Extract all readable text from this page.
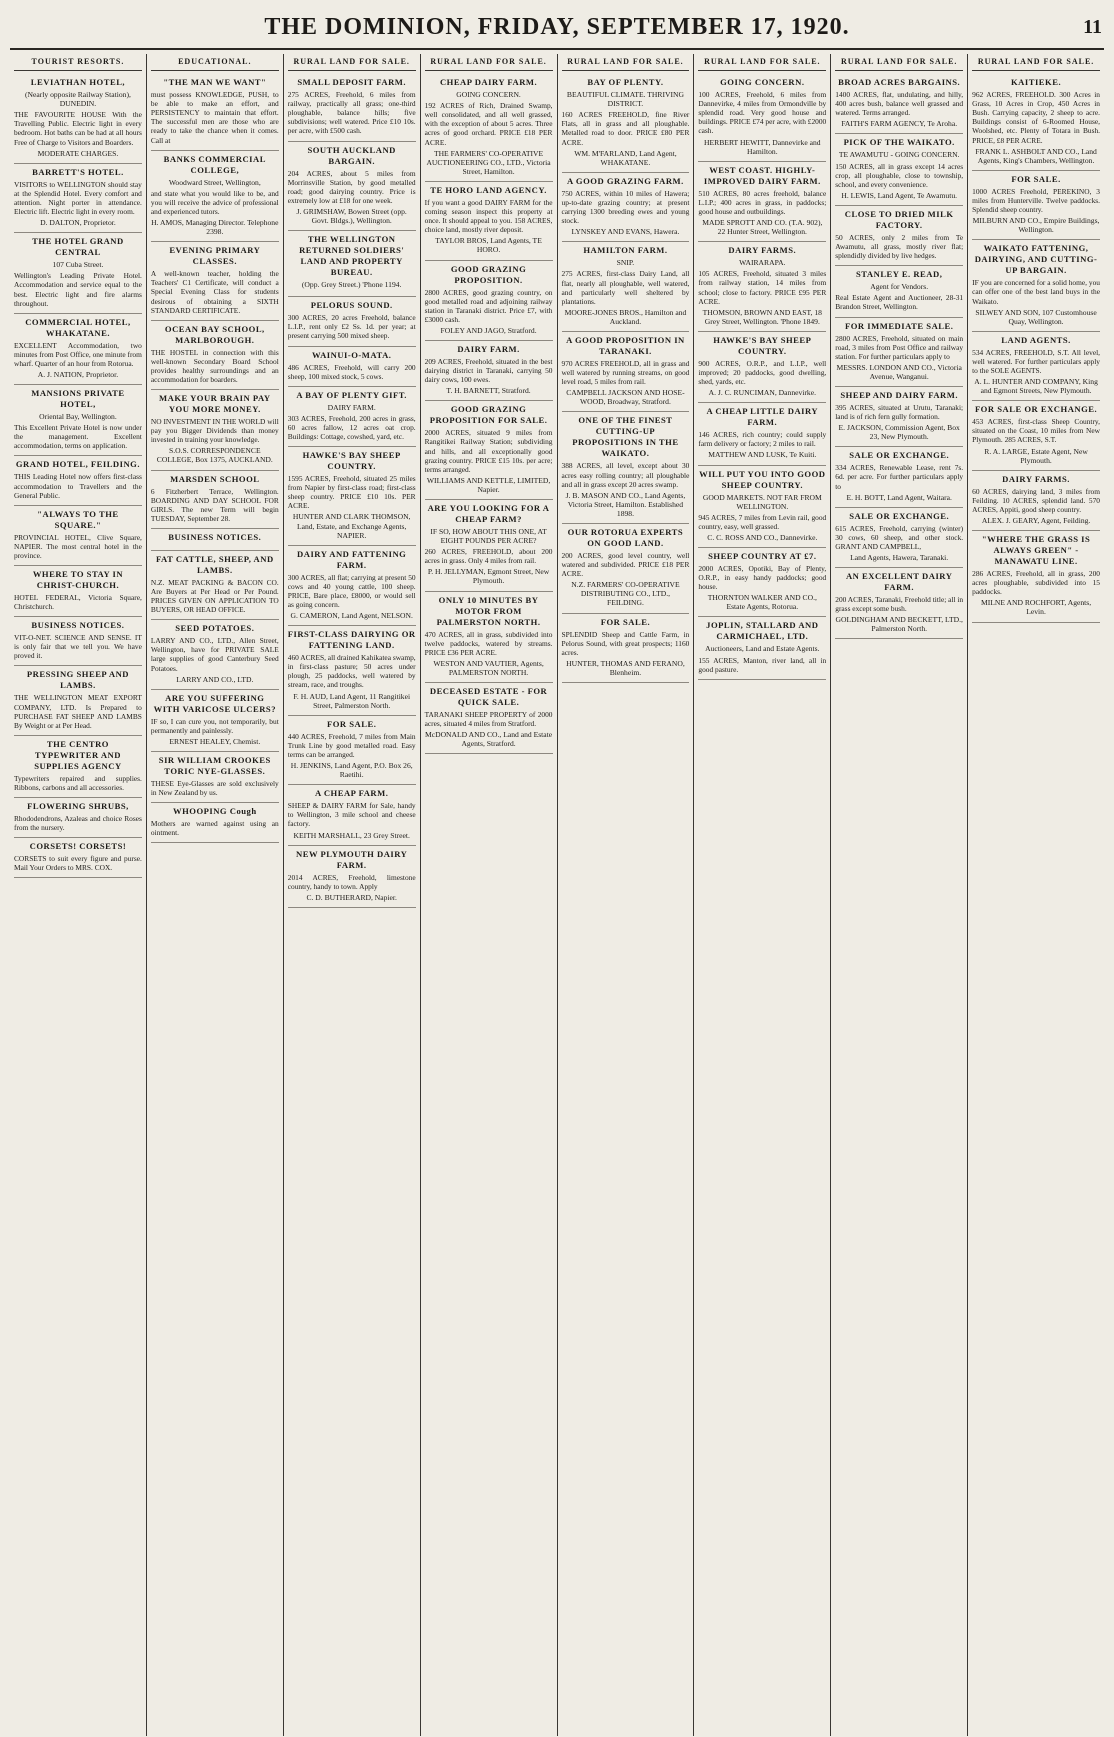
THE DOMINION, FRIDAY, SEPTEMBER 17, 1920.	11
TOURIST RESORTS.
LEVIATHAN HOTEL,
(Nearly opposite Railway Station), DUNEDIN.
THE FAVOURITE HOUSE With the Travelling Public. Electric light in every bedroom. Hot baths can be had at all hours Free of Charge to Visitors and Boarders.
MODERATE CHARGES.
BARRETT'S HOTEL.
VISITORS to WELLINGTON should stay at the Splendid Hotel. Every comfort and attention. Night porter in attendance. Electric lift. Electric light in every room.
D. DALTON, Proprietor.
THE HOTEL GRAND CENTRAL
107 Cuba Street.
Wellington's Leading Private Hotel. Accommodation and service equal to the best. Electric light and fire alarms throughout.
COMMERCIAL HOTEL, WHAKATANE.
EXCELLENT Accommodation, two minutes from Post Office, one minute from wharf. Quarter of an hour from Rotorua.
A. J. NATION, Proprietor.
MANSIONS PRIVATE HOTEL,
Oriental Bay, Wellington.
This Excellent Private Hotel is now under the management. Excellent accommodation, terms on application.
GRAND HOTEL, FEILDING.
THIS Leading Hotel now offers first-class accommodation to Travellers and the General Public.
"ALWAYS TO THE SQUARE."
PROVINCIAL HOTEL, Clive Square, NAPIER. The most central hotel in the province.
WHERE TO STAY IN CHRIST-CHURCH.
HOTEL FEDERAL, Victoria Square, Christchurch.
BUSINESS NOTICES.
VIT-O-NET. SCIENCE AND SENSE. IT is only fair that we tell you. We have proved it.
PRESSING SHEEP AND LAMBS.
THE WELLINGTON MEAT EXPORT COMPANY, LTD. Is Prepared to PURCHASE FAT SHEEP AND LAMBS By Weight or at Per Head.
THE CENTRO TYPEWRITER AND SUPPLIES AGENCY
Typewriters repaired and supplies. Ribbons, carbons and all accessories.
FLOWERING SHRUBS,
Rhododendrons, Azaleas and choice Roses from the nursery.
CORSETS! CORSETS!
CORSETS to suit every figure and purse. Mail Your Orders to MRS. COX.
EDUCATIONAL.
"THE MAN WE WANT"
must possess KNOWLEDGE, PUSH, to be able to make an effort, and PERSISTENCY to maintain that effort. The successful men are those who are ready to take the chance when it comes. Call at
BANKS COMMERCIAL COLLEGE,
Woodward Street, Wellington,
and state what you would like to be, and you will receive the advice of professional and experienced tutors.
H. AMOS, Managing Director. Telephone 2398.
EVENING PRIMARY CLASSES.
A well-known teacher, holding the Teachers' C1 Certificate, will conduct a Special Evening Class for students desirous of obtaining a SIXTH STANDARD CERTIFICATE.
OCEAN BAY SCHOOL, MARLBOROUGH.
THE HOSTEL in connection with this well-known Secondary Board School provides healthy surroundings and an accommodation for boarders.
MAKE YOUR BRAIN PAY YOU MORE MONEY.
NO INVESTMENT IN THE WORLD will pay you Bigger Dividends than money invested in training your knowledge.
S.O.S. CORRESPONDENCE COLLEGE, Box 1375, AUCKLAND.
MARSDEN SCHOOL
6 Fitzherbert Terrace, Wellington. BOARDING AND DAY SCHOOL FOR GIRLS. The new Term will begin TUESDAY, September 28.
BUSINESS NOTICES.
FAT CATTLE, SHEEP, AND LAMBS.
N.Z. MEAT PACKING & BACON CO. Are Buyers at Per Head or Per Pound. PRICES GIVEN ON APPLICATION TO BUYERS, OR HEAD OFFICE.
SEED POTATOES.
LARRY AND CO., LTD., Allen Street, Wellington, have for PRIVATE SALE large supplies of good Canterbury Seed Potatoes.
LARRY AND CO., LTD.
ARE YOU SUFFERING WITH VARICOSE ULCERS?
IF so, I can cure you, not temporarily, but permanently and painlessly.
ERNEST HEALEY, Chemist.
SIR WILLIAM CROOKES TORIC NYE-GLASSES.
THESE Eye-Glasses are sold exclusively in New Zealand by us.
WHOOPING Cough
Mothers are warned against using an ointment.
RURAL LAND FOR SALE.
SMALL DEPOSIT FARM.
275 ACRES, Freehold, 6 miles from railway, practically all grass; one-third ploughable, balance hills; five subdivisions; well watered. Price £10 10s. per acre, with £500 cash.
SOUTH AUCKLAND BARGAIN.
204 ACRES, about 5 miles from Morrinsville Station, by good metalled road; good dairying country. Price is extremely low at £18 for one week.
J. GRIMSHAW, Bowen Street (opp. Govt. Bldgs.), Wellington.
THE WELLINGTON RETURNED SOLDIERS' LAND AND PROPERTY BUREAU.
(Opp. Grey Street.) 'Phone 1194.
PELORUS SOUND.
300 ACRES, 20 acres Freehold, balance L.I.P., rent only £2 Ss. 1d. per year; at present carrying 500 mixed sheep.
WAINUI-O-MATA.
486 ACRES, Freehold, will carry 200 sheep, 100 mixed stock, 5 cows.
A BAY OF PLENTY GIFT.
DAIRY FARM.
303 ACRES, Freehold, 200 acres in grass, 60 acres fallow, 12 acres oat crop. Buildings: Cottage, cowshed, yard, etc.
HAWKE'S BAY SHEEP COUNTRY.
1595 ACRES, Freehold, situated 25 miles from Napier by first-class road; first-class sheep country. PRICE £10 10s. PER ACRE.
HUNTER AND CLARK THOMSON, Land, Estate, and Exchange Agents, NAPIER.
DAIRY AND FATTENING FARM.
300 ACRES, all flat; carrying at present 50 cows and 40 young cattle, 100 sheep. PRICE, Bare place, £8000, or would sell as going concern.
G. CAMERON, Land Agent, NELSON.
FIRST-CLASS DAIRYING OR FATTENING LAND.
460 ACRES, all drained Kahikatea swamp, in first-class pasture; 50 acres under plough, 25 paddocks, well watered by stream, race, and troughs.
F. H. AUD, Land Agent, 11 Rangitikei Street, Palmerston North.
FOR SALE.
440 ACRES, Freehold, 7 miles from Main Trunk Line by good metalled road. Easy terms can be arranged.
H. JENKINS, Land Agent, P.O. Box 26, Raetihi.
A CHEAP FARM.
SHEEP & DAIRY FARM for Sale, handy to Wellington, 3 mile school and cheese factory.
KEITH MARSHALL, 23 Grey Street.
NEW PLYMOUTH DAIRY FARM.
2014 ACRES, Freehold, limestone country, handy to town. Apply
C. D. BUTHERARD, Napier.
RURAL LAND FOR SALE.
CHEAP DAIRY FARM.
GOING CONCERN.
192 ACRES of Rich, Drained Swamp, well consolidated, and all well grassed, with the exception of about 5 acres. Three acres of good orchard. PRICE £18 PER ACRE.
THE FARMERS' CO-OPERATIVE AUCTIONEERING CO., LTD., Victoria Street, Hamilton.
TE HORO LAND AGENCY.
If you want a good DAIRY FARM for the coming season inspect this property at once. It should appeal to you. 158 ACRES, choice land, mostly river deposit.
TAYLOR BROS, Land Agents, TE HORO.
GOOD GRAZING PROPOSITION.
2800 ACRES, good grazing country, on good metalled road and adjoining railway station in Taranaki district. Price £7, with £3000 cash.
FOLEY AND JAGO, Stratford.
DAIRY FARM.
209 ACRES, Freehold, situated in the best dairying district in Taranaki, carrying 50 dairy cows, 100 ewes.
T. H. BARNETT, Stratford.
GOOD GRAZING PROPOSITION FOR SALE.
2000 ACRES, situated 9 miles from Rangitikei Railway Station; subdividing and hills, and all exceptionally good grazing country. PRICE £15 10s. per acre; terms arranged.
WILLIAMS AND KETTLE, LIMITED, Napier.
ARE YOU LOOKING FOR A CHEAP FARM?
IF SO, HOW ABOUT THIS ONE, AT EIGHT POUNDS PER ACRE?
260 ACRES, FREEHOLD, about 200 acres in grass. Only 4 miles from rail.
P. H. JELLYMAN, Egmont Street, New Plymouth.
ONLY 10 MINUTES BY MOTOR FROM PALMERSTON NORTH.
470 ACRES, all in grass, subdivided into twelve paddocks, watered by streams. PRICE £36 PER ACRE.
WESTON AND VAUTIER, Agents, PALMERSTON NORTH.
DECEASED ESTATE - FOR QUICK SALE.
TARANAKI SHEEP PROPERTY of 2000 acres, situated 4 miles from Stratford.
McDONALD AND CO., Land and Estate Agents, Stratford.
RURAL LAND FOR SALE.
BAY OF PLENTY.
BEAUTIFUL CLIMATE. THRIVING DISTRICT.
160 ACRES FREEHOLD, fine River Flats, all in grass and all ploughable. Metalled road to door. PRICE £80 PER ACRE.
WM. M'FARLAND, Land Agent, WHAKATANE.
A GOOD GRAZING FARM.
750 ACRES, within 10 miles of Hawera; up-to-date grazing country; at present carrying 1300 breeding ewes and young stock.
LYNSKEY AND EVANS, Hawera.
HAMILTON FARM.
SNIP.
275 ACRES, first-class Dairy Land, all flat, nearly all ploughable, well watered, and particularly well sheltered by plantations.
MOORE-JONES BROS., Hamilton and Auckland.
A GOOD PROPOSITION IN TARANAKI.
970 ACRES FREEHOLD, all in grass and well watered by running streams, on good level road, 5 miles from rail.
CAMPBELL JACKSON AND HOSE-WOOD, Broadway, Stratford.
ONE OF THE FINEST CUTTING-UP PROPOSITIONS IN THE WAIKATO.
388 ACRES, all level, except about 30 acres easy rolling country; all ploughable and all in grass except 20 acres swamp.
J. B. MASON AND CO., Land Agents, Victoria Street, Hamilton. Established 1898.
OUR ROTORUA EXPERTS ON GOOD LAND.
200 ACRES, good level country, well watered and subdivided. PRICE £18 PER ACRE.
N.Z. FARMERS' CO-OPERATIVE DISTRIBUTING CO., LTD., FEILDING.
FOR SALE.
SPLENDID Sheep and Cattle Farm, in Pelorus Sound, with great prospects; 1160 acres.
HUNTER, THOMAS AND FERANO, Blenheim.
RURAL LAND FOR SALE.
GOING CONCERN.
100 ACRES, Freehold, 6 miles from Dannevirke, 4 miles from Ormondville by splendid road. Very good house and buildings. PRICE £74 per acre, with £2000 cash.
HERBERT HEWITT, Dannevirke and Hamilton.
WEST COAST. HIGHLY-IMPROVED DAIRY FARM.
510 ACRES, 80 acres freehold, balance L.I.P.; 400 acres in grass, in paddocks; good house and outbuildings.
MADE SPROTT AND CO. (T.A. 902), 22 Hunter Street, Wellington.
DAIRY FARMS.
WAIRARAPA.
105 ACRES, Freehold, situated 3 miles from railway station, 14 miles from school; close to factory. PRICE £95 PER ACRE.
THOMSON, BROWN AND EAST, 18 Grey Street, Wellington. 'Phone 1849.
HAWKE'S BAY SHEEP COUNTRY.
900 ACRES, O.R.P., and L.I.P., well improved; 20 paddocks, good dwelling, shed, yards, etc.
A. J. C. RUNCIMAN, Dannevirke.
A CHEAP LITTLE DAIRY FARM.
146 ACRES, rich country; could supply farm delivery or factory; 2 miles to rail.
MATTHEW AND LUSK, Te Kuiti.
WILL PUT YOU INTO GOOD SHEEP COUNTRY.
GOOD MARKETS. NOT FAR FROM WELLINGTON.
945 ACRES, 7 miles from Levin rail, good country, easy, well grassed.
C. C. ROSS AND CO., Dannevirke.
SHEEP COUNTRY AT £7.
2000 ACRES, Opotiki, Bay of Plenty, O.R.P., in easy handy paddocks; good house.
THORNTON WALKER AND CO., Estate Agents, Rotorua.
JOPLIN, STALLARD AND CARMICHAEL, LTD.
Auctioneers, Land and Estate Agents.
155 ACRES, Manton, river land, all in good pasture.
RURAL LAND FOR SALE.
BROAD ACRES BARGAINS.
1400 ACRES, flat, undulating, and hilly, 400 acres bush, balance well grassed and watered. Terms arranged.
FAITH'S FARM AGENCY, Te Aroha.
PICK OF THE WAIKATO.
TE AWAMUTU - GOING CONCERN.
150 ACRES, all in grass except 14 acres crop, all ploughable, close to township, school, and every convenience.
H. LEWIS, Land Agent, Te Awamutu.
CLOSE TO DRIED MILK FACTORY.
50 ACRES, only 2 miles from Te Awamutu, all grass, mostly river flat; splendidly divided by live hedges.
STANLEY E. READ,
Agent for Vendors.
Real Estate Agent and Auctioneer, 28-31 Brandon Street, Wellington.
FOR IMMEDIATE SALE.
2800 ACRES, Freehold, situated on main road, 3 miles from Post Office and railway station. For further particulars apply to
MESSRS. LONDON AND CO., Victoria Avenue, Wanganui.
SHEEP AND DAIRY FARM.
395 ACRES, situated at Urutu, Taranaki; land is of rich fern gully formation.
E. JACKSON, Commission Agent, Box 23, New Plymouth.
SALE OR EXCHANGE.
334 ACRES, Renewable Lease, rent 7s. 6d. per acre. For further particulars apply to
E. H. BOTT, Land Agent, Waitara.
SALE OR EXCHANGE.
615 ACRES, Freehold, carrying (winter) 30 cows, 60 sheep, and other stock. GRANT AND CAMPBELL,
Land Agents, Hawera, Taranaki.
AN EXCELLENT DAIRY FARM.
200 ACRES, Taranaki, Freehold title; all in grass except some bush.
GOLDINGHAM AND BECKETT, LTD., Palmerston North.
RURAL LAND FOR SALE.
KAITIEKE.
962 ACRES, FREEHOLD. 300 Acres in Grass, 10 Acres in Crop, 450 Acres in Bush. Carrying capacity, 2 sheep to acre. Buildings consist of 6-Roomed House, Woolshed, etc. Plenty of Totara in Bush. PRICE, £8 PER ACRE.
FRANK L. ASHBOLT AND CO., Land Agents, King's Chambers, Wellington.
FOR SALE.
1000 ACRES Freehold, PEREKINO, 3 miles from Hunterville. Twelve paddocks. Splendid sheep country.
MILBURN AND CO., Empire Buildings, Wellington.
WAIKATO FATTENING, DAIRYING, AND CUTTING-UP BARGAIN.
IF you are concerned for a solid home, you can offer one of the best land buys in the Waikato.
SILWEY AND SON, 107 Customhouse Quay, Wellington.
LAND AGENTS.
534 ACRES, FREEHOLD, S.T. All level, well watered. For further particulars apply to the SOLE AGENTS.
A. L. HUNTER AND COMPANY, King and Egmont Streets, New Plymouth.
FOR SALE OR EXCHANGE.
453 ACRES, first-class Sheep Country, situated on the Coast, 10 miles from New Plymouth. 285 ACRES, S.T.
R. A. LARGE, Estate Agent, New Plymouth.
DAIRY FARMS.
60 ACRES, dairying land, 3 miles from Feilding. 10 ACRES, splendid land. 570 ACRES, Appiti, good sheep country.
ALEX. J. GEARY, Agent, Feilding.
"WHERE THE GRASS IS ALWAYS GREEN" - MANAWATU LINE.
286 ACRES, Freehold, all in grass, 200 acres ploughable, subdivided into 15 paddocks.
MILNE AND ROCHFORT, Agents, Levin.
